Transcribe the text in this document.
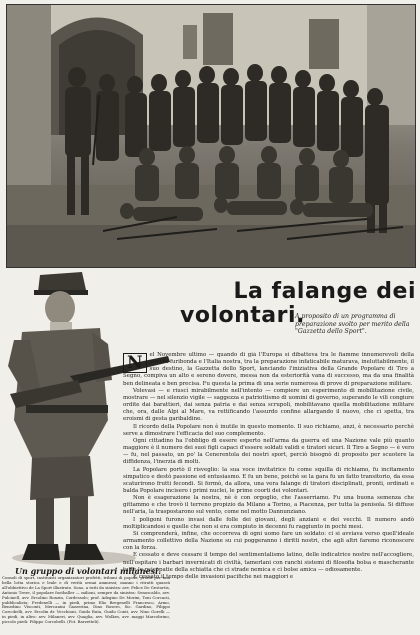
Un gruppo di volontari milanesi.
Consoli di sport, instituisti organizzatori profetti, tribuni di popolo, pronti per una bella lotta storica e leale e di verità ormai ammessi; manno i ritratti quassù all'obbiettivo de La Sport illustrato. Sono, a tutti da sinistra: avv. Felice De Gestortis, Antonio Trere, il popolare footballer — milioni, sempre da sinistra: Senoscaldo, avv. Pulcinell, avv. Ercolino Ronzin, Cordessolo; prof. Adegino De Morini, Toni Corcacii, pubblicalista; Fredenelli — in piedi, primo Elio Bregenelli Francesco, Armo, Benedino Visconti, Mercanini Gazzerina, Dino Rosero, Sic. Gardino, Filippo Corcobelli, avv. Ercolin dr. Vecchioni, Guido Ruta, Guido Conti, avv. Nino Gorelli — in piedi, in altro: avv. Milaneri, avv. Quaglia, avv. Wolkes, avv. maggi Marcobrino, piccolo piedi: Filippo Corcobelli. (Fot. Barzetteli).
La falange dei
volontari.
A proposito di un programma di preparazione svolto per merito della "Gazzetta dello Sport".

N	el Novembre ultimo — quando di già l'Europa si dibatteva tra le fiamme innumerevoli della guerra furibonda e l'Italia nostra, tra la preparazione infaticabile maturava, ineluttabilmente, il suo destino, la Gazzetta dello Sport, lanciando l'iniziativa della Grande Popolare di Tiro a Segno, compiva un alto e sereno dovere, messa non da esteriorità vana di successo, ma da una finalità ben delineata e ben precisa. Fu questa la prima di una serie numerosa di prove di preparazione militare.

Volevasi — e riuscì mirabilmente nell'intento — compiere un esperimento di mobilitazione civile, mostrare — nel silenzio vigile — saggezza e patriottismo di uomini di governo, superando le vili congiure ordite dai barattieri, dai senza patria e dai senza scrupoli, mobilitavano quella mobilitazione militare che, ora, dalle Alpi al Mare, va rettificando l'assurdo confine allargando il nuovo, che ci spetta, tra eroismi di gesta garibaldine.

Il ricordo della Popolare non è inutile in questo momento. Il suo richiamo, anzi, è necessario perchè serve a dimostrare l'efficacia del suo complemento.

Ogni cittadino ha l'obbligo di essere esperto nell'arma da guerra ed una Nazione vale più quanto maggiore è il numero dei suoi figli capaci d'essere soldati validi e tiratori sicuri. Il Tiro a Segno — è vero — fu, nel passato, un po' la Cenerentola dei nostri sport, perciò bisognò di proposito per scuotere la diffidenza, l'inerzia di molti.

La Popolare portò il risveglio: la sua voce invitatrice fu come squilla di richiamo, fu incitamento simpatico e destò passione ed entusiasmo. E fu un bene, poichè se la gara fu un fatto transitorio, da essa scaturirono frutti fecondi. Si formò, da allora, una vera falange di tiratori disciplinati, pronti, ordinati e balda Popolare incisero i primi nuclei, le prime coorti dei volontari.

Non è esagerazione la nostra, nè è con orgoglio, che l'asserriamo. Fu una buona semenza che gittammo e che trovò il terreno propizio da Milano a Torino, a Piacenza, per tutta la penisola. Si diffuse nell'aria, la traspostarono sul vento, come nel motto Dannunziano.

I poligoni furono invasi dalle folle dei giovani, degli anziani e dei vecchi. Il numero andò moltiplicandosi e quelle che non si era compiuto in decenni fu raggiunto in pochi mesi.

Si comprenderà, infine, che occorreva di ogni uomo fare un soldato: ci si avviava verso quell'ideale armamento collettivo della Nazione su cui poggeranno i diritti nostri, che agli altri faremo riconoscere con la forza.

E cessato e deve cessare il tempo del sentimentalismo latino, delle indicatrice nostre nell'accogliere, nell'ospitare i barbari invernicati di civiltà, tamerlani con ranchi sistemi di filosofia bolsa e mascherante tutte le psicopatie della schiatta che ci strade nemica e ci bolse amica — odiosamente.

È cessato il tempo delle invasioni pacifiche nei maggiori e
